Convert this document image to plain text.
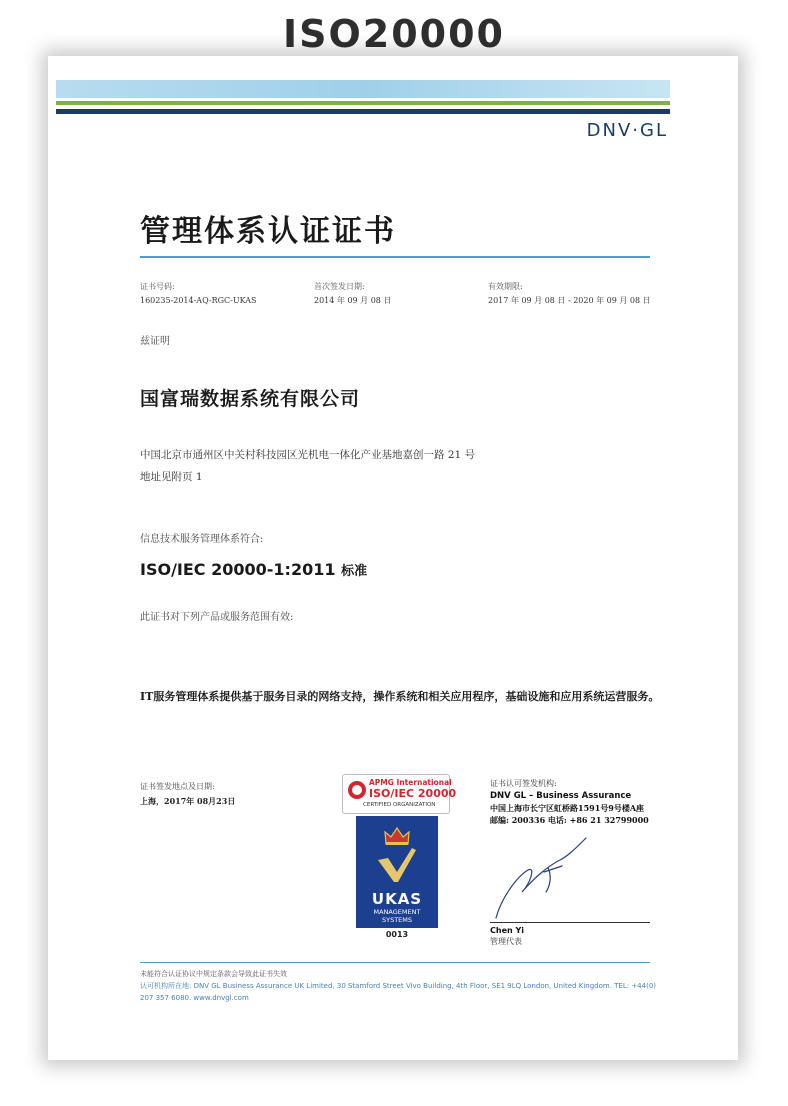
ISO20000
DNV·GL
管理体系认证证书
证书号码:
160235-2014-AQ-RGC-UKAS
首次签发日期:
2014 年 09 月 08 日
有效期限:
2017 年 09 月 08 日 - 2020 年 09 月 08 日
兹证明
国富瑞数据系统有限公司
中国北京市通州区中关村科技园区光机电一体化产业基地嘉创一路 21 号
地址见附页 1
信息技术服务管理体系符合:
ISO/IEC 20000-1:2011 标准
此证书对下列产品或服务范围有效:
IT服务管理体系提供基于服务目录的网络支持，操作系统和相关应用程序，基础设施和应用系统运营服务。
证书签发地点及日期:
上海，2017年 08月23日
APMG International
ISO/IEC 20000
CERTIFIED ORGANIZATION
UKAS
MANAGEMENT
SYSTEMS
0013
证书认可签发机构:
DNV GL – Business Assurance
中国上海市长宁区虹桥路1591号9号楼A座
邮编: 200336 电话: +86 21 32799000
Chen Yi
管理代表
未能符合认证协议中规定条款会导致此证书失效
认可机构所在地: DNV GL Business Assurance UK Limited, 30 Stamford Street Vivo Building, 4th Floor, SE1 9LQ London, United Kingdom. TEL: +44(0) 207 357 6080. www.dnvgl.com
